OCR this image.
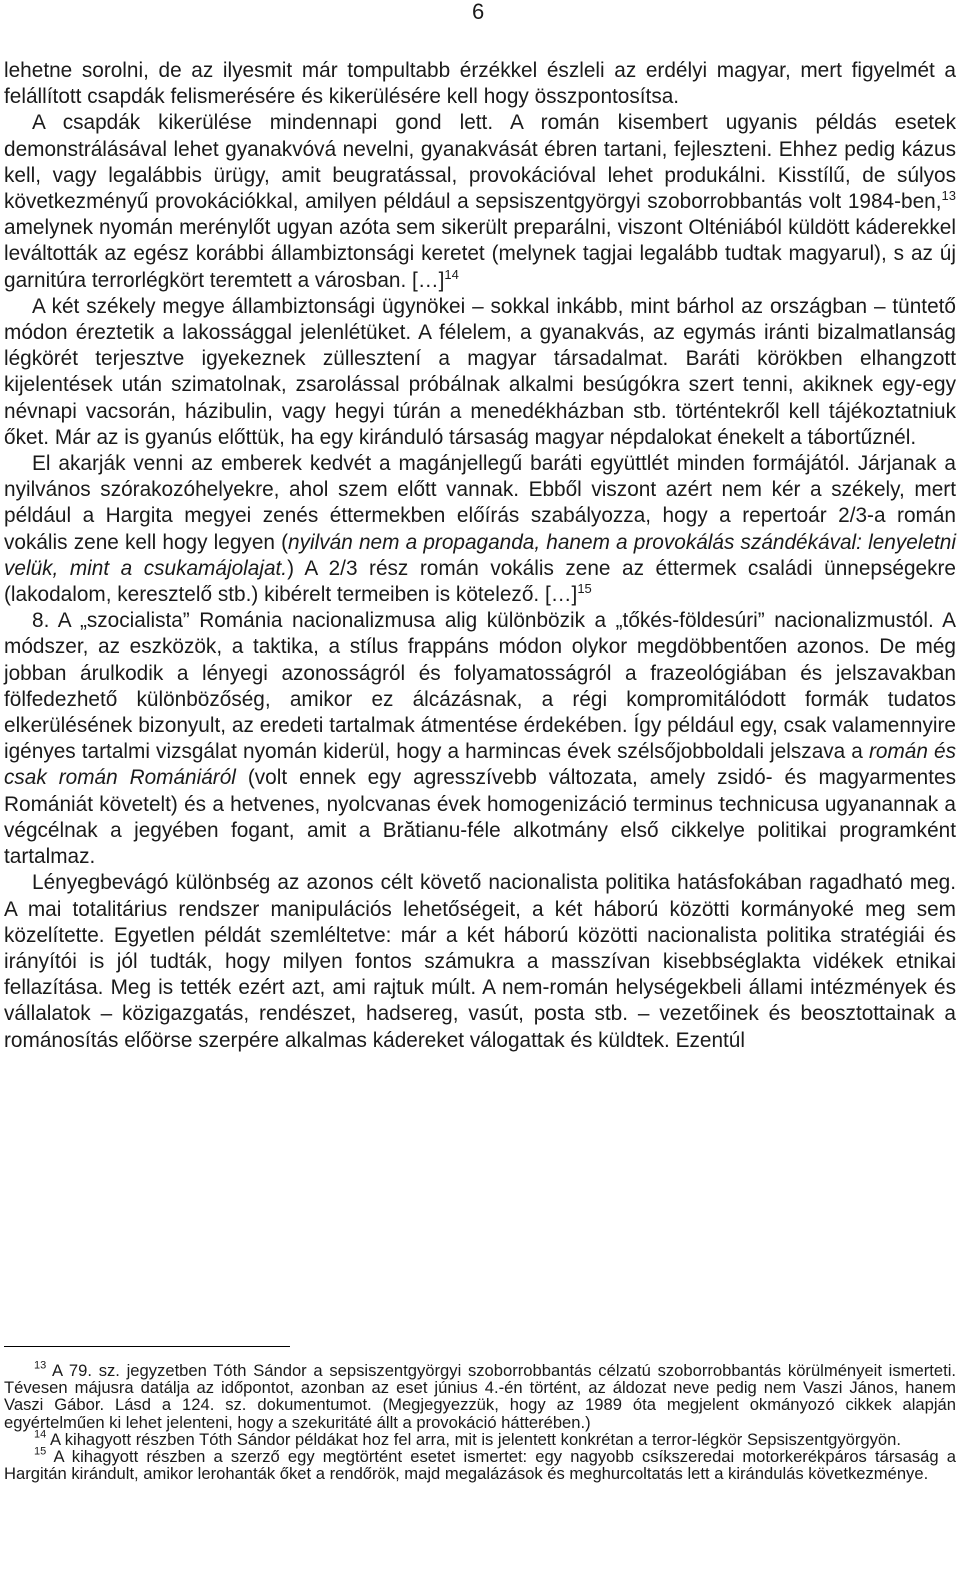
6

lehetne sorolni, de az ilyesmit már tompultabb érzékkel észleli az erdélyi magyar, mert figyelmét a felállított csapdák felismerésére és kikerülésére kell hogy összpontosítsa.

A csapdák kikerülése mindennapi gond lett. A román kisembert ugyanis példás esetek demonstrálásával lehet gyanakvóvá nevelni, gyanakvását ébren tartani, fejleszteni. Ehhez pedig kázus kell, vagy legalábbis ürügy, amit beugratással, provokációval lehet produkálni. Kisstílű, de súlyos következményű provokációkkal, amilyen például a sepsiszentgyörgyi szoborrobbantás volt 1984-ben,$^{13}$ amelynek nyomán merénylőt ugyan azóta sem sikerült preparálni, viszont Olténiából küldött káderekkel leváltották az egész korábbi állambiztonsági keretet (melynek tagjai legalább tudtak magyarul), s az új garnitúra terrorlégkört teremtett a városban. […]$^{14}$

A két székely megye állambiztonsági ügynökei – sokkal inkább, mint bárhol az országban – tüntető módon éreztetik a lakossággal jelenlétüket. A félelem, a gyanakvás, az egymás iránti bizalmatlanság légkörét terjesztve igyekeznek züllesztení a magyar társadalmat. Baráti körökben elhangzott kijelentések után szimatolnak, zsarolással próbálnak alkalmi besúgókra szert tenni, akiknek egy-egy névnapi vacsorán, házibulin, vagy hegyi túrán a menedékházban stb. történtekről kell tájékoztatniuk őket. Már az is gyanús előttük, ha egy kiránduló társaság magyar népdalokat énekelt a tábortűznél.

El akarják venni az emberek kedvét a magánjellegű baráti együttlét minden formájától. Járjanak a nyilvános szórakozóhelyekre, ahol szem előtt vannak. Ebből viszont azért nem kér a székely, mert például a Hargita megyei zenés éttermekben előírás szabályozza, hogy a repertoár 2/3-a román vokális zene kell hogy legyen (nyilván nem a propaganda, hanem a provokálás szándékával: lenyeletni velük, mint a csukamájolajat.) A 2/3 rész román vokális zene az éttermek családi ünnepségekre (lakodalom, keresztelő stb.) kibérelt termeiben is kötelező. […]$^{15}$

8. A „szocialista” Románia nacionalizmusa alig különbözik a „tőkés-földesúri” nacionalizmustól. A módszer, az eszközök, a taktika, a stílus frappáns módon olykor megdöbbentően azonos. De még jobban árulkodik a lényegi azonosságról és folyamatosságról a frazeológiában és jelszavakban fölfedezhető különbözőség, amikor ez álcázásnak, a régi kompromitálódott formák tudatos elkerülésének bizonyult, az eredeti tartalmak átmentése érdekében. Így például egy, csak valamennyire igényes tartalmi vizsgálat nyomán kiderül, hogy a harmincas évek szélsőjobboldali jelszava a román és csak román Romániáról (volt ennek egy agresszívebb változata, amely zsidó- és magyarmentes Romániát követelt) és a hetvenes, nyolcvanas évek homogenizáció terminus technicusa ugyanannak a végcélnak a jegyében fogant, amit a Brătianu-féle alkotmány első cikkelye politikai programként tartalmaz.

Lényegbevágó különbség az azonos célt követő nacionalista politika hatásfokában ragadható meg. A mai totalitárius rendszer manipulációs lehetőségeit, a két háború közötti kormányoké meg sem közelítette. Egyetlen példát szemléltetve: már a két háború közötti nacionalista politika stratégiái és irányítói is jól tudták, hogy milyen fontos számukra a masszívan kisebbséglakta vidékek etnikai fellazítása. Meg is tették ezért azt, ami rajtuk múlt. A nem-román helységekbeli állami intézmények és vállalatok – közigazgatás, rendészet, hadsereg, vasút, posta stb. – vezetőinek és beosztottainak a románosítás előörse szerpére alkalmas kádereket válogattak és küldtek. Ezentúl

$^{13}$ A 79. sz. jegyzetben Tóth Sándor a sepsiszentgyörgyi szoborrobbantás célzatú szoborrobbantás körülményeit ismerteti. Tévesen májusra datálja az időpontot, azonban az eset június 4.-én történt, az áldozat neve pedig nem Vaszi János, hanem Vaszi Gábor. Lásd a 124. sz. dokumentumot. (Megjegyezzük, hogy az 1989 óta megjelent okmányozó cikkek alapján egyértelműen ki lehet jelenteni, hogy a szekuritáté állt a provokáció hátterében.)

$^{14}$ A kihagyott részben Tóth Sándor példákat hoz fel arra, mit is jelentett konkrétan a terror-légkör Sepsiszentgyörgyön.

$^{15}$ A kihagyott részben a szerző egy megtörtént esetet ismertet: egy nagyobb csíkszeredai motorkerékpáros társaság a Hargitán kirándult, amikor lerohanták őket a rendőrök, majd megalázások és meghurcoltatás lett a kirándulás következménye.
